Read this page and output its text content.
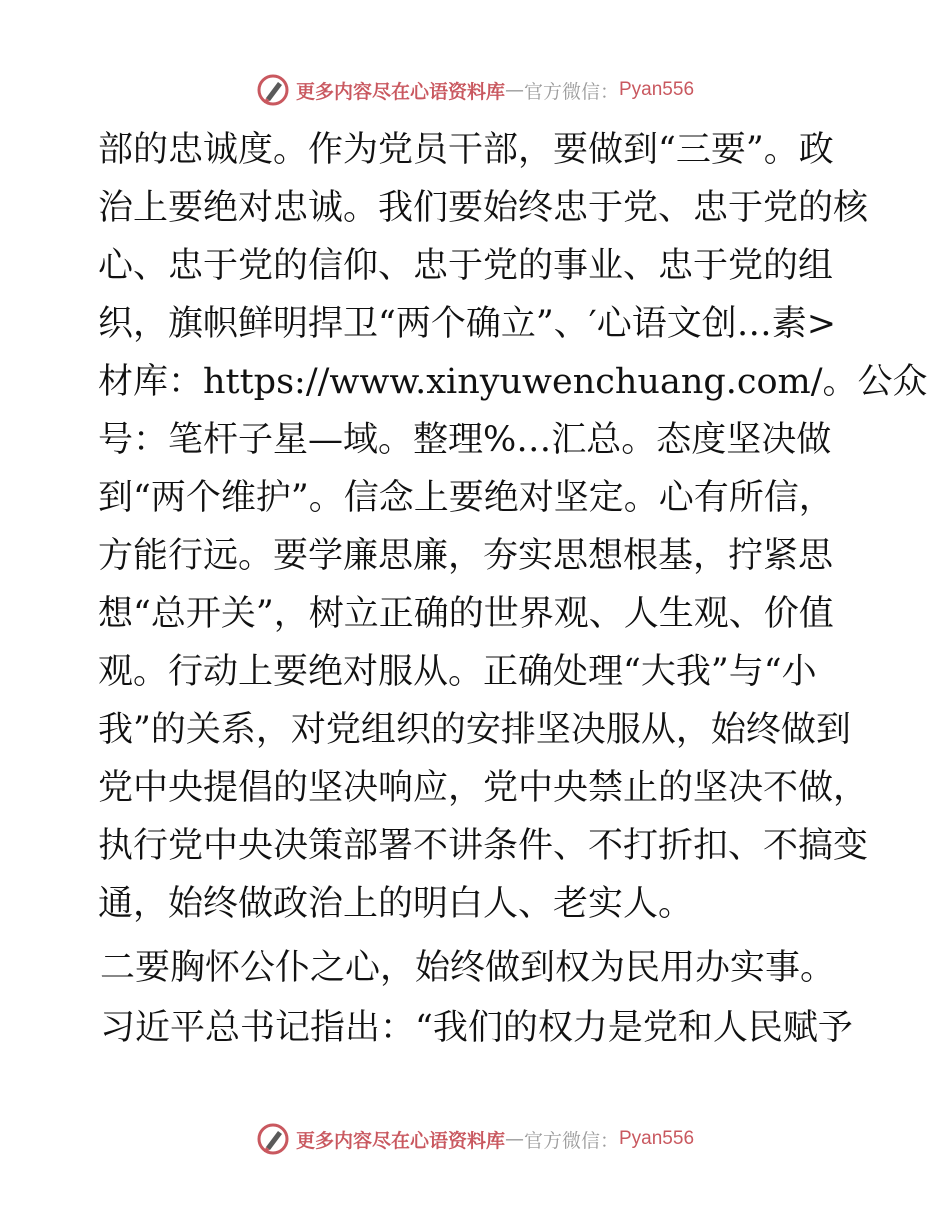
更多内容尽在心语资料库 — 官方微信： Pyan556
部的忠诚度。作为党员干部，要做到“三要”。政
治上要绝对忠诚。我们要始终忠于党、忠于党的核
心、忠于党的信仰、忠于党的事业、忠于党的组
织，旗帜鲜明捍卫“两个确立”、′心语文创…素>
材库：https://www.xinyuwenchuang.com/。公众
号：笔杆子星—域。整理%…汇总。态度坚决做
到“两个维护”。信念上要绝对坚定。心有所信，
方能行远。要学廉思廉，夯实思想根基，拧紧思
想“总开关”，树立正确的世界观、人生观、价值
观。行动上要绝对服从。正确处理“大我”与“小
我”的关系，对党组织的安排坚决服从，始终做到
党中央提倡的坚决响应，党中央禁止的坚决不做，
执行党中央决策部署不讲条件、不打折扣、不搞变
通，始终做政治上的明白人、老实人。
二要胸怀公仆之心，始终做到权为民用办实事。
习近平总书记指出：“我们的权力是党和人民赋予
更多内容尽在心语资料库 — 官方微信： Pyan556
